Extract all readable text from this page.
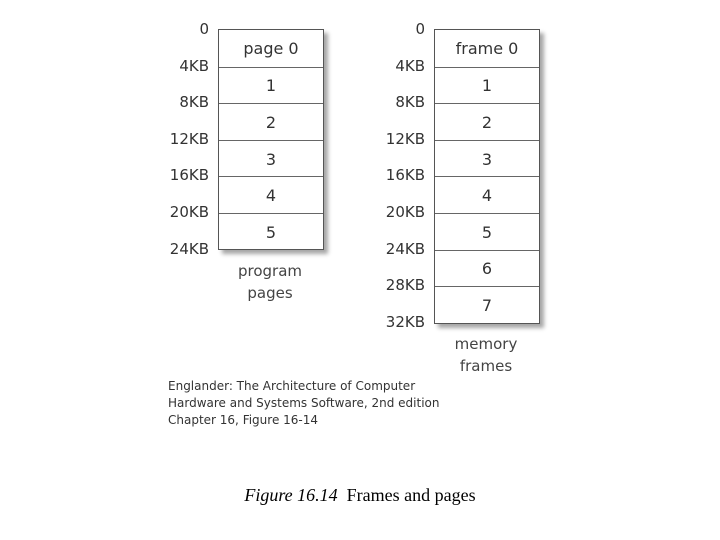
0
4KB
8KB
12KB
16KB
20KB
24KB
page 0
1
2
3
4
5
program
pages
0
4KB
8KB
12KB
16KB
20KB
24KB
28KB
32KB
frame 0
1
2
3
4
5
6
7
memory
frames
Englander: The Architecture of Computer
Hardware and Systems Software, 2nd edition
Chapter 16, Figure 16-14
Figure 16.14 Frames and pages
